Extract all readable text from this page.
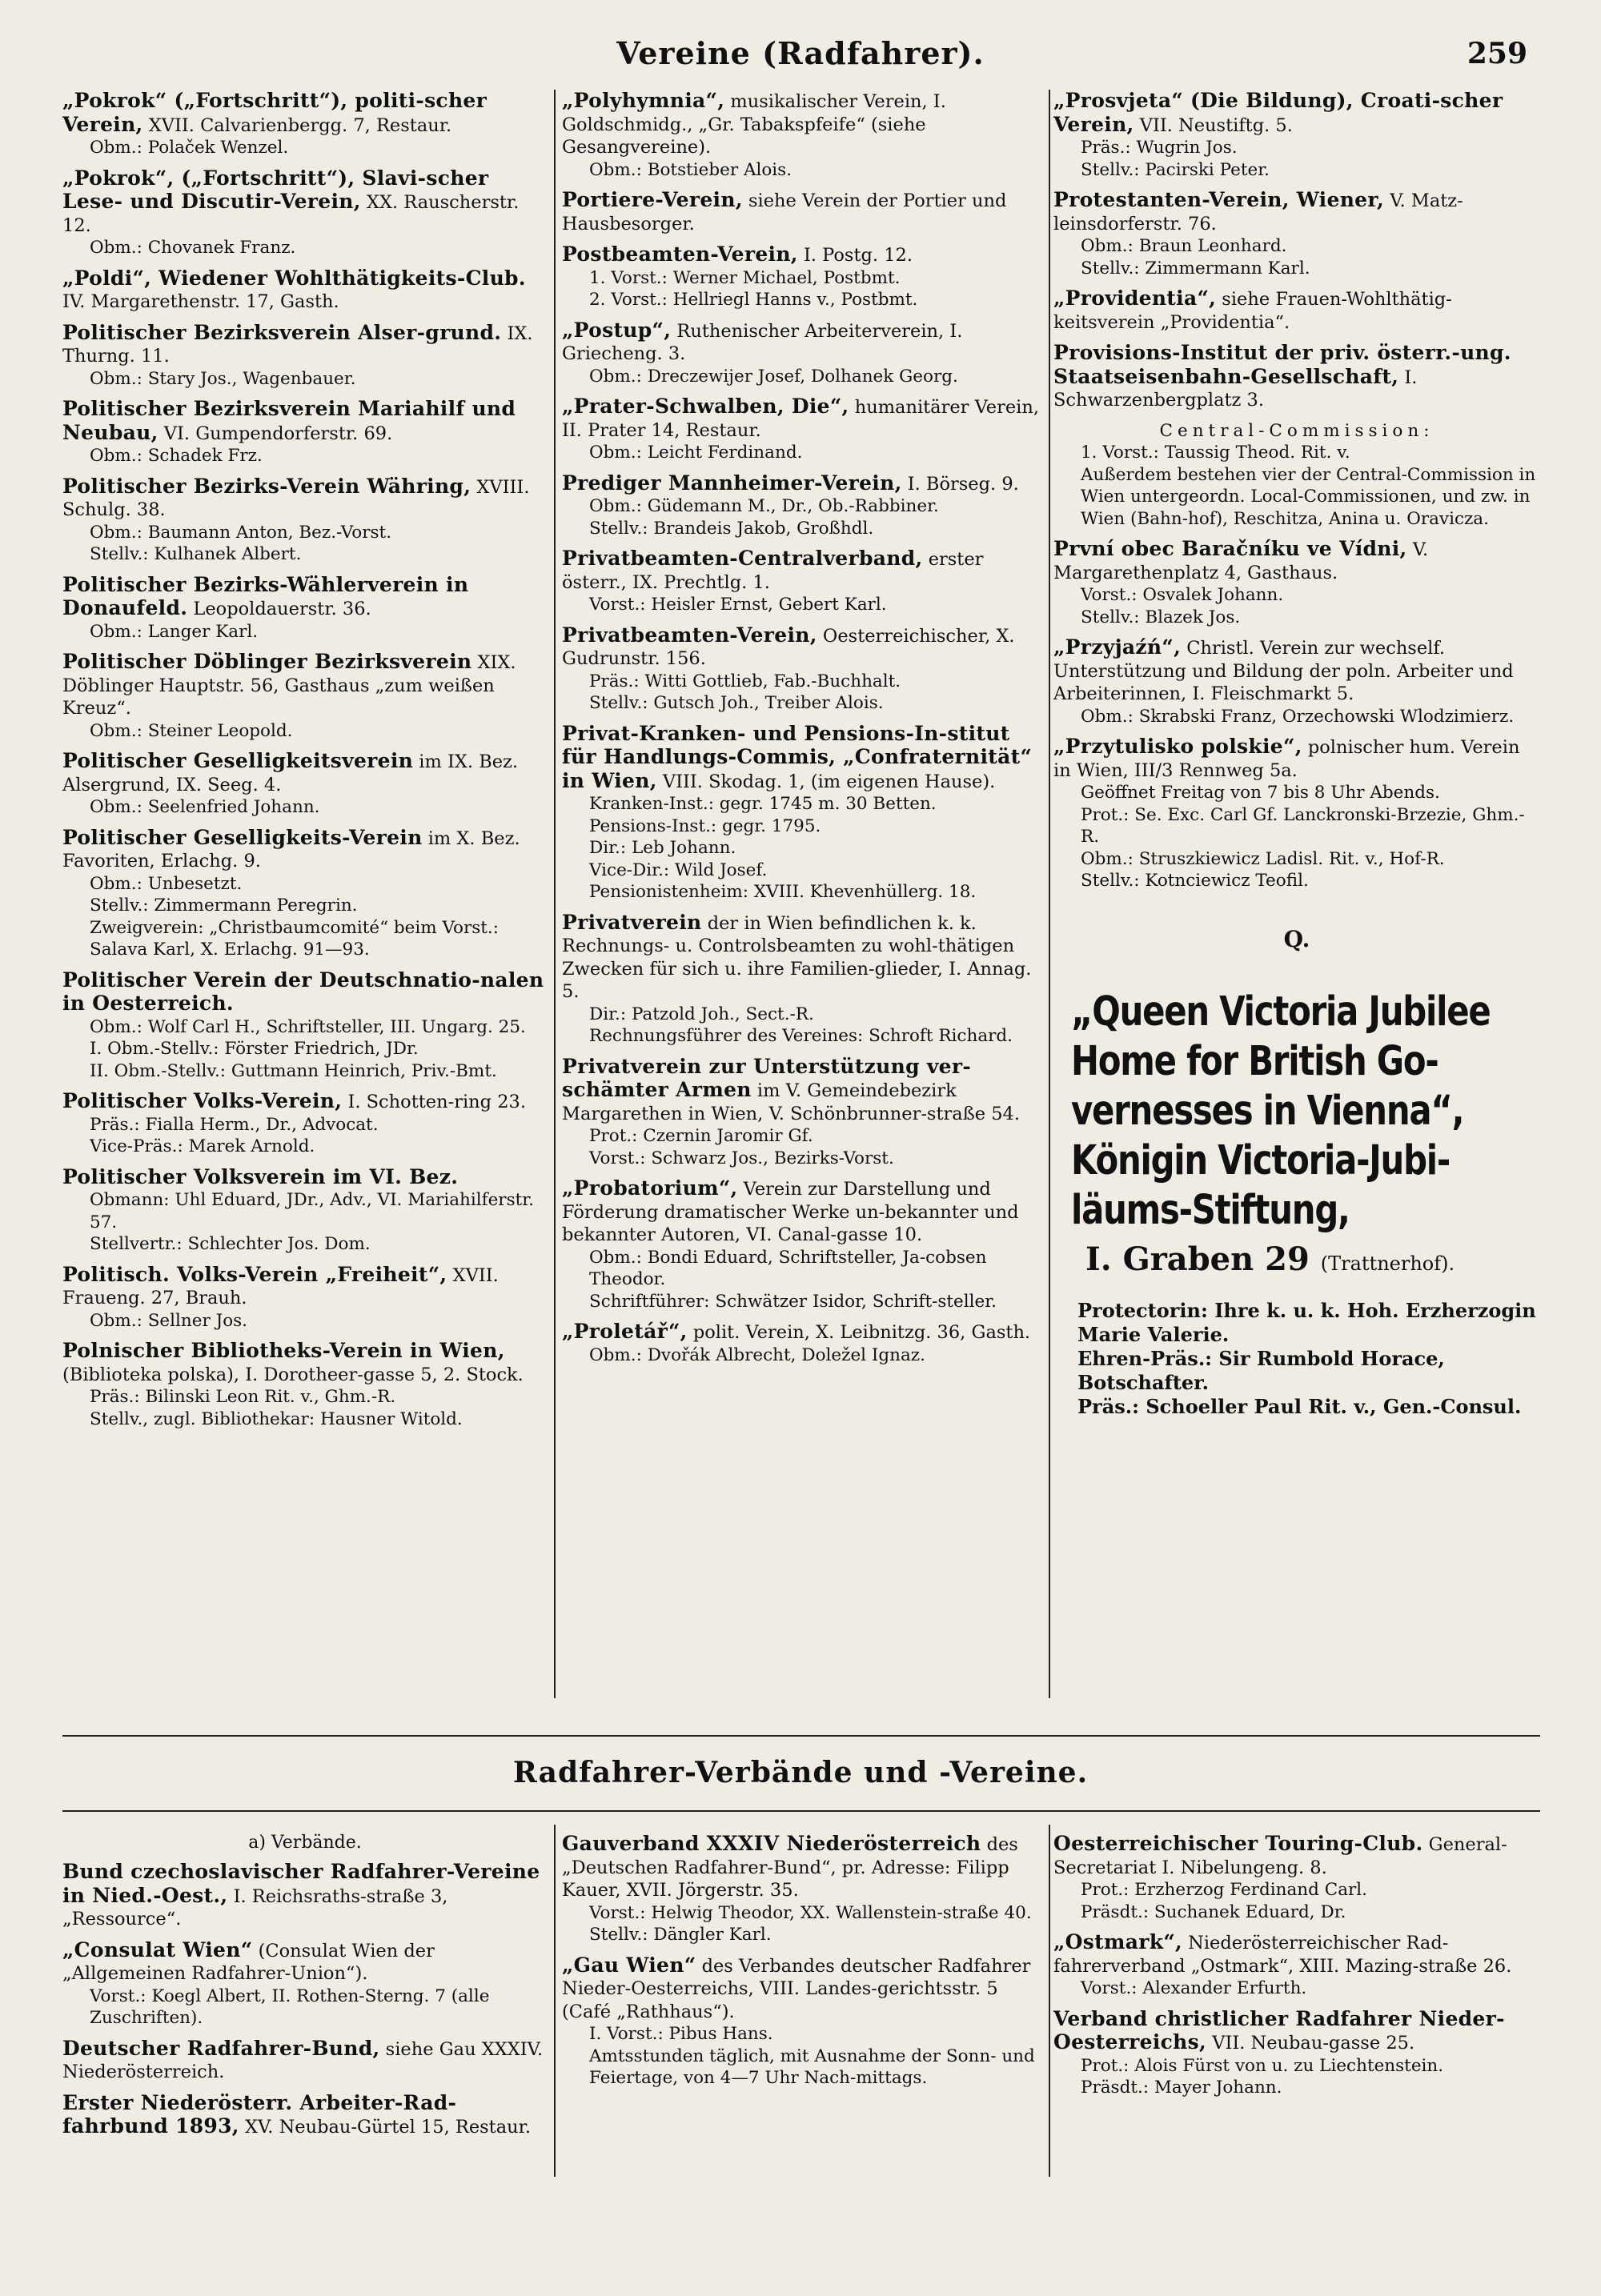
Vereine (Radfahrer).	259
„Pokrok“ („Fortschritt“), politi-scher Verein, XVII. Calvarienbergg. 7, Restaur.
Obm.: Polaček Wenzel.
„Pokrok“, („Fortschritt“), Slavi-scher Lese- und Discutir-Verein, XX. Rauscherstr. 12.
Obm.: Chovanek Franz.
„Poldi“, Wiedener Wohlthätigkeits-Club. IV. Margarethenstr. 17, Gasth.
Politischer Bezirksverein Alser-grund. IX. Thurng. 11.
Obm.: Stary Jos., Wagenbauer.
Politischer Bezirksverein Mariahilf und Neubau, VI. Gumpendorferstr. 69.
Obm.: Schadek Frz.
Politischer Bezirks-Verein Währing, XVIII. Schulg. 38.
Obm.: Baumann Anton, Bez.-Vorst.
Stellv.: Kulhanek Albert.
Politischer Bezirks-Wählerverein in Donaufeld. Leopoldauerstr. 36.
Obm.: Langer Karl.
Politischer Döblinger Bezirksverein XIX. Döblinger Hauptstr. 56, Gasthaus „zum weißen Kreuz“.
Obm.: Steiner Leopold.
Politischer Geselligkeitsverein im IX. Bez. Alsergrund, IX. Seeg. 4.
Obm.: Seelenfried Johann.
Politischer Geselligkeits-Verein im X. Bez. Favoriten, Erlachg. 9.
Obm.: Unbesetzt.
Stellv.: Zimmermann Peregrin.
Zweigverein: „Christbaumcomité“ beim Vorst.: Salava Karl, X. Erlachg. 91—93.
Politischer Verein der Deutschnatio-nalen in Oesterreich.
Obm.: Wolf Carl H., Schriftsteller, III. Ungarg. 25.
I. Obm.-Stellv.: Förster Friedrich, JDr.
II. Obm.-Stellv.: Guttmann Heinrich, Priv.-Bmt.
Politischer Volks-Verein, I. Schotten-ring 23.
Präs.: Fialla Herm., Dr., Advocat.
Vice-Präs.: Marek Arnold.
Politischer Volksverein im VI. Bez.
Obmann: Uhl Eduard, JDr., Adv., VI. Mariahilferstr. 57.
Stellvertr.: Schlechter Jos. Dom.
Politisch. Volks-Verein „Freiheit“, XVII. Fraueng. 27, Brauh.
Obm.: Sellner Jos.
Polnischer Bibliotheks-Verein in Wien, (Biblioteka polska), I. Dorotheer-gasse 5, 2. Stock.
Präs.: Bilinski Leon Rit. v., Ghm.-R.
Stellv., zugl. Bibliothekar: Hausner Witold.
„Polyhymnia“, musikalischer Verein, I. Goldschmidg., „Gr. Tabakspfeife“ (siehe Gesangvereine).
Obm.: Botstieber Alois.
Portiere-Verein, siehe Verein der Portier und Hausbesorger.
Postbeamten-Verein, I. Postg. 12.
1. Vorst.: Werner Michael, Postbmt.
2. Vorst.: Hellriegl Hanns v., Postbmt.
„Postup“, Ruthenischer Arbeiterverein, I. Griecheng. 3.
Obm.: Dreczewijer Josef, Dolhanek Georg.
„Prater-Schwalben, Die“, humanitärer Verein, II. Prater 14, Restaur.
Obm.: Leicht Ferdinand.
Prediger Mannheimer-Verein, I. Börseg. 9.
Obm.: Güdemann M., Dr., Ob.-Rabbiner.
Stellv.: Brandeis Jakob, Großhdl.
Privatbeamten-Centralverband, erster österr., IX. Prechtlg. 1.
Vorst.: Heisler Ernst, Gebert Karl.
Privatbeamten-Verein, Oesterreichischer, X. Gudrunstr. 156.
Präs.: Witti Gottlieb, Fab.-Buchhalt.
Stellv.: Gutsch Joh., Treiber Alois.
Privat-Kranken- und Pensions-In-stitut für Handlungs-Commis, „Confraternität“ in Wien, VIII. Skodag. 1, (im eigenen Hause).
Kranken-Inst.: gegr. 1745 m. 30 Betten.
Pensions-Inst.: gegr. 1795.
Dir.: Leb Johann.
Vice-Dir.: Wild Josef.
Pensionistenheim: XVIII. Khevenhüllerg. 18.
Privatverein der in Wien befindlichen k. k. Rechnungs- u. Controlsbeamten zu wohl-thätigen Zwecken für sich u. ihre Familien-glieder, I. Annag. 5.
Dir.: Patzold Joh., Sect.-R.
Rechnungsführer des Vereines: Schroft Richard.
Privatverein zur Unterstützung ver-schämter Armen im V. Gemeindebezirk Margarethen in Wien, V. Schönbrunner-straße 54.
Prot.: Czernin Jaromir Gf.
Vorst.: Schwarz Jos., Bezirks-Vorst.
„Probatorium“, Verein zur Darstellung und Förderung dramatischer Werke un-bekannter und bekannter Autoren, VI. Canal-gasse 10.
Obm.: Bondi Eduard, Schriftsteller, Ja-cobsen Theodor.
Schriftführer: Schwätzer Isidor, Schrift-steller.
„Proletář“, polit. Verein, X. Leibnitzg. 36, Gasth.
Obm.: Dvořák Albrecht, Doležel Ignaz.
„Prosvjeta“ (Die Bildung), Croati-scher Verein, VII. Neustiftg. 5.
Präs.: Wugrin Jos.
Stellv.: Pacirski Peter.
Protestanten-Verein, Wiener, V. Matz-leinsdorferstr. 76.
Obm.: Braun Leonhard.
Stellv.: Zimmermann Karl.
„Providentia“, siehe Frauen-Wohlthätig-keitsverein „Providentia“.
Provisions-Institut der priv. österr.-ung. Staatseisenbahn-Gesellschaft, I. Schwarzenbergplatz 3.
Central-Commission:
1. Vorst.: Taussig Theod. Rit. v.
Außerdem bestehen vier der Central-Commission in Wien untergeordn. Local-Commissionen, und zw. in Wien (Bahn-hof), Reschitza, Anina u. Oravicza.
První obec Baračníku ve Vídni, V. Margarethenplatz 4, Gasthaus.
Vorst.: Osvalek Johann.
Stellv.: Blazek Jos.
„Przyjaźń“, Christl. Verein zur wechself. Unterstützung und Bildung der poln. Arbeiter und Arbeiterinnen, I. Fleischmarkt 5.
Obm.: Skrabski Franz, Orzechowski Wlodzimierz.
„Przytulisko polskie“, polnischer hum. Verein in Wien, III/3 Rennweg 5a.
Geöffnet Freitag von 7 bis 8 Uhr Abends.
Prot.: Se. Exc. Carl Gf. Lanckronski-Brzezie, Ghm.-R.
Obm.: Struszkiewicz Ladisl. Rit. v., Hof-R.
Stellv.: Kotnciewicz Teofil.
Q.
„Queen Victoria Jubilee
Home for British Go-
vernesses in Vienna“,
Königin Victoria-Jubi-
läums-Stiftung,
I. Graben 29 (Trattnerhof).
Protectorin: Ihre k. u. k. Hoh. Erzherzogin Marie Valerie.
Ehren-Präs.: Sir Rumbold Horace, Botschafter.
Präs.: Schoeller Paul Rit. v., Gen.-Consul.
Radfahrer-Verbände und -Vereine.
a) Verbände.
Bund czechoslavischer Radfahrer-Vereine in Nied.-Oest., I. Reichsraths-straße 3, „Ressource“.
„Consulat Wien“ (Consulat Wien der „Allgemeinen Radfahrer-Union“).
Vorst.: Koegl Albert, II. Rothen-Sterng. 7 (alle Zuschriften).
Deutscher Radfahrer-Bund, siehe Gau XXXIV. Niederösterreich.
Erster Niederösterr. Arbeiter-Rad-fahrbund 1893, XV. Neubau-Gürtel 15, Restaur.
Gauverband XXXIV Niederösterreich des „Deutschen Radfahrer-Bund“, pr. Adresse: Filipp Kauer, XVII. Jörgerstr. 35.
Vorst.: Helwig Theodor, XX. Wallenstein-straße 40.
Stellv.: Dängler Karl.
„Gau Wien“ des Verbandes deutscher Radfahrer Nieder-Oesterreichs, VIII. Landes-gerichtsstr. 5 (Café „Rathhaus“).
I. Vorst.: Pibus Hans.
Amtsstunden täglich, mit Ausnahme der Sonn- und Feiertage, von 4—7 Uhr Nach-mittags.
Oesterreichischer Touring-Club. General-Secretariat I. Nibelungeng. 8.
Prot.: Erzherzog Ferdinand Carl.
Präsdt.: Suchanek Eduard, Dr.
„Ostmark“, Niederösterreichischer Rad-fahrerverband „Ostmark“, XIII. Mazing-straße 26.
Vorst.: Alexander Erfurth.
Verband christlicher Radfahrer Nieder-Oesterreichs, VII. Neubau-gasse 25.
Prot.: Alois Fürst von u. zu Liechtenstein.
Präsdt.: Mayer Johann.
